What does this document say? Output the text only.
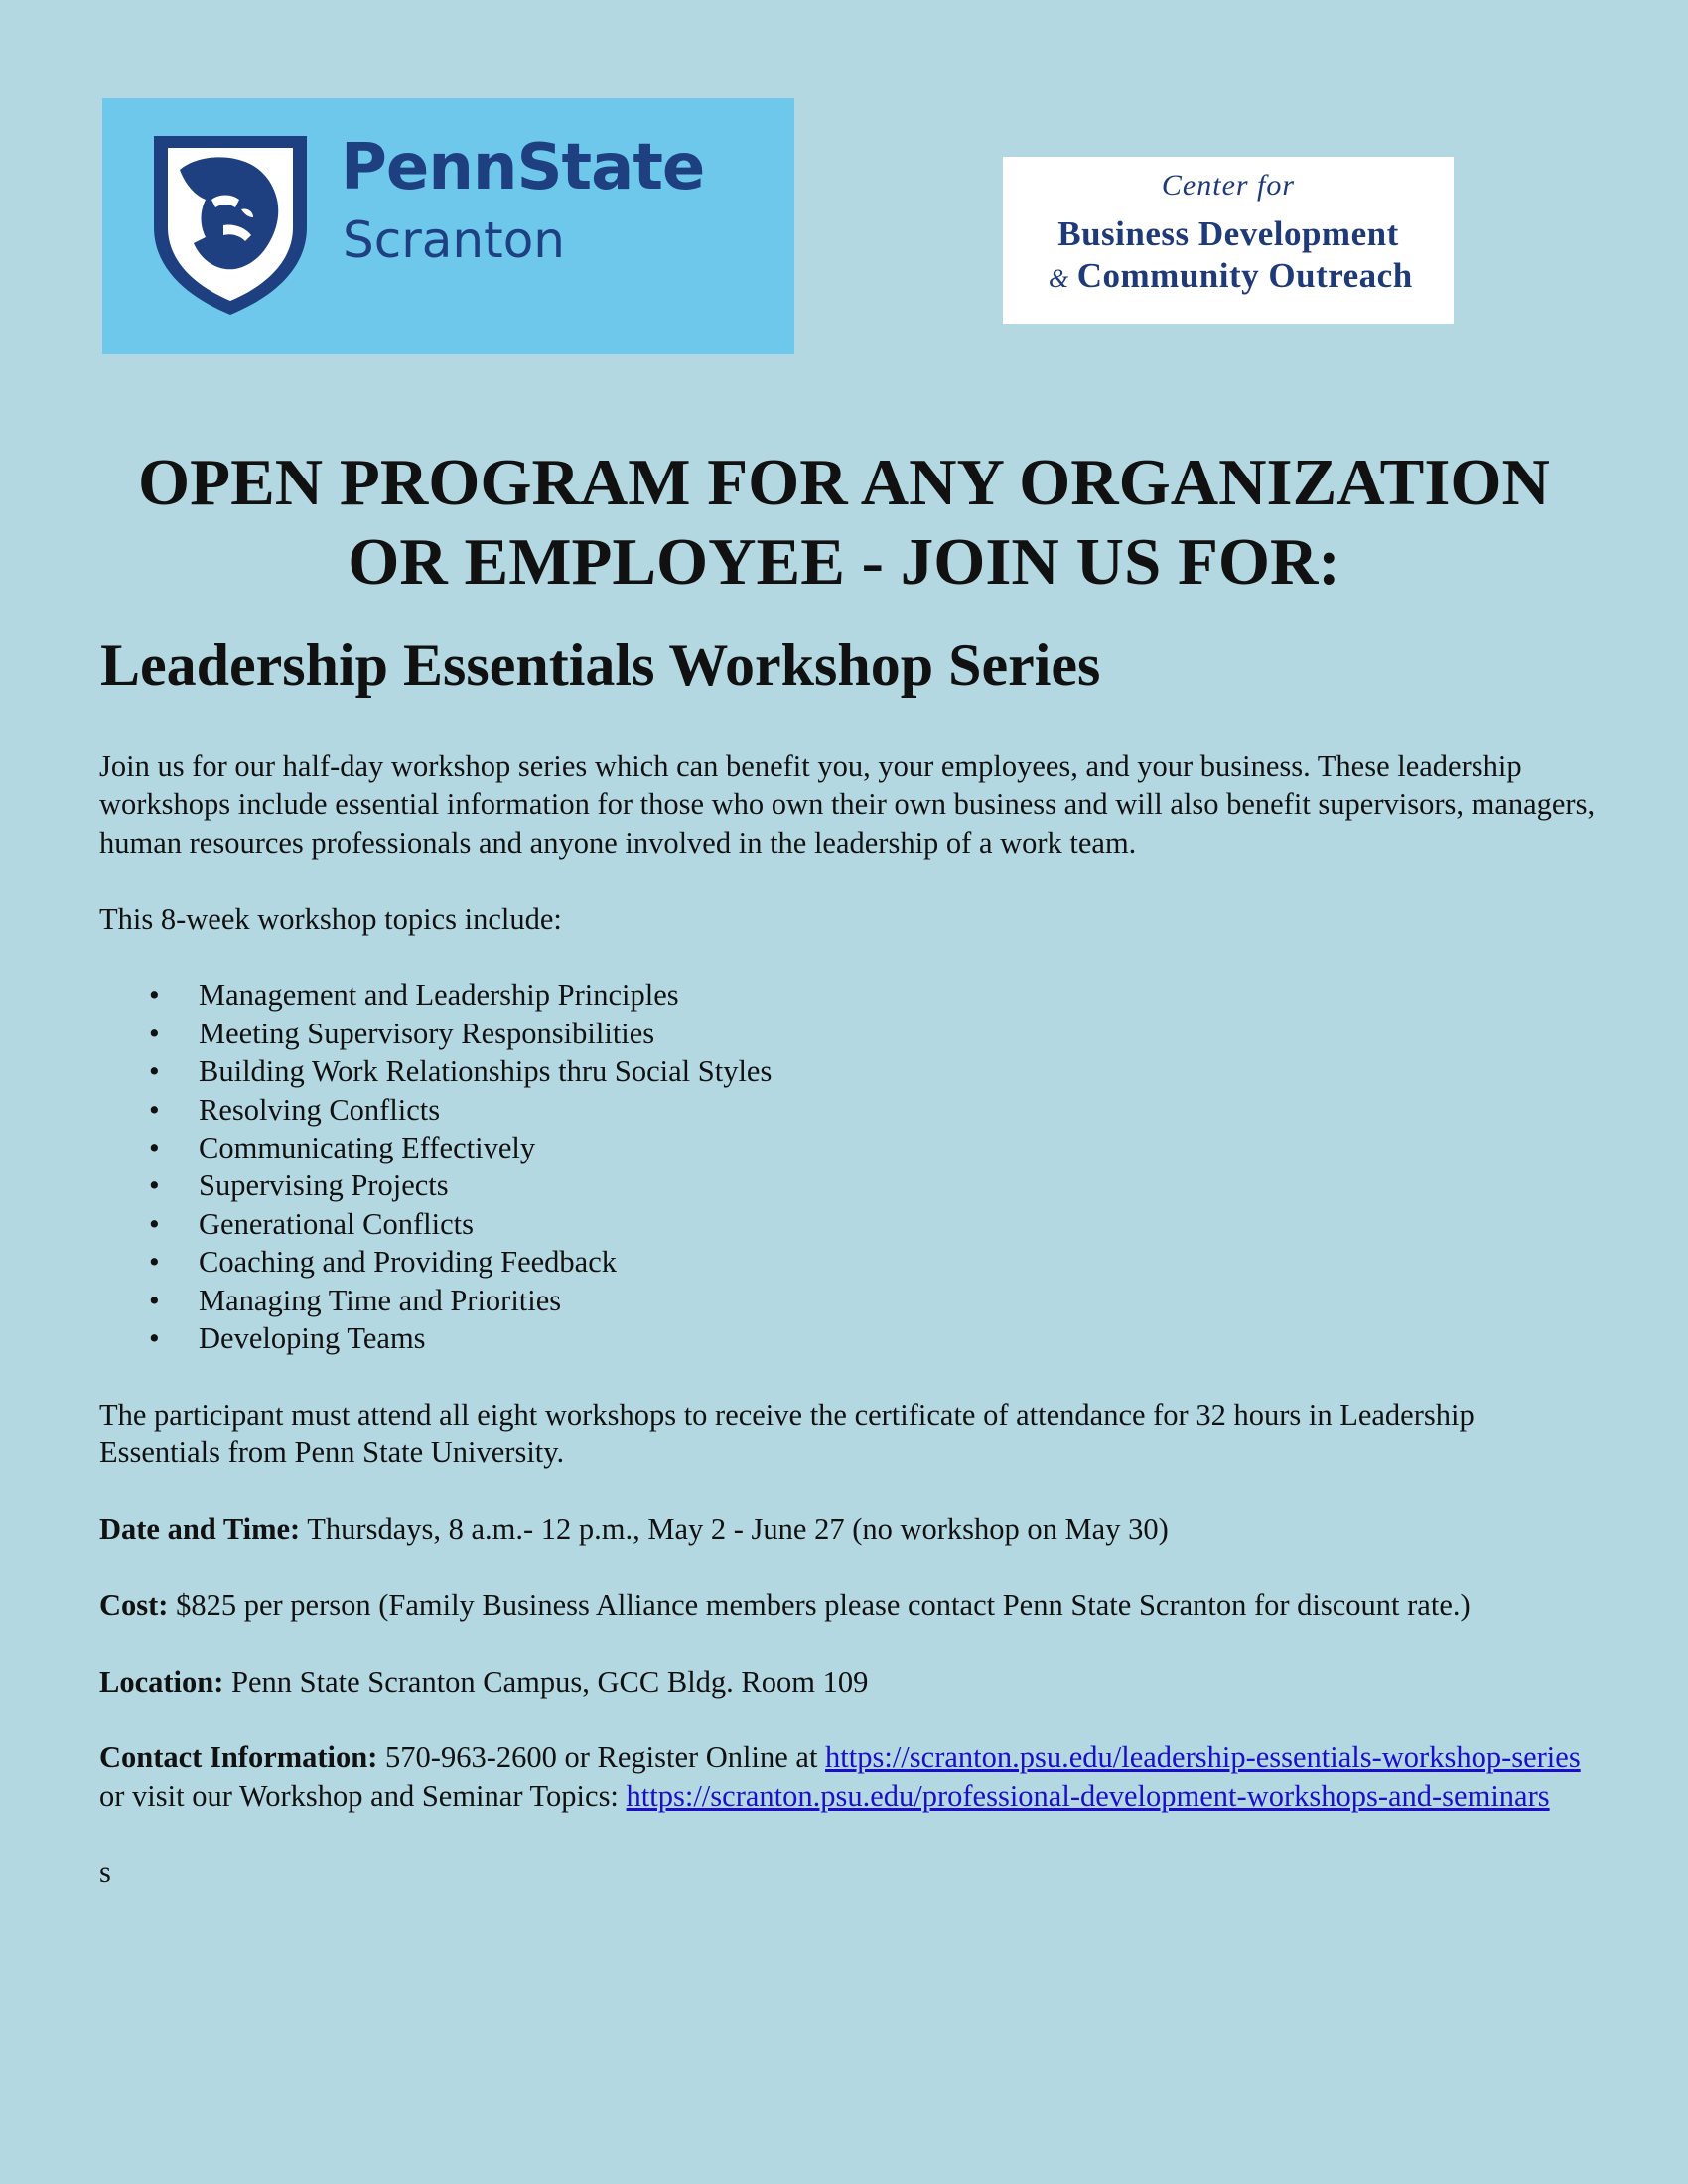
PennState
Scranton
Center for
Business Development
& Community Outreach
OPEN PROGRAM FOR ANY ORGANIZATION
OR EMPLOYEE - JOIN US FOR:
Leadership Essentials Workshop Series

Join us for our half-day workshop series which can benefit you, your employees, and your business. These leadership workshops include essential information for those who own their own business and will also benefit supervisors, managers, human resources professionals and anyone involved in the leadership of a work team.

This 8-week workshop topics include:

• Management and Leadership Principles
• Meeting Supervisory Responsibilities
• Building Work Relationships thru Social Styles
• Resolving Conflicts
• Communicating Effectively
• Supervising Projects
• Generational Conflicts
• Coaching and Providing Feedback
• Managing Time and Priorities
• Developing Teams

The participant must attend all eight workshops to receive the certificate of attendance for 32 hours in Leadership Essentials from Penn State University.

Date and Time: Thursdays, 8 a.m.- 12 p.m., May 2 - June 27 (no workshop on May 30)

Cost: $825 per person (Family Business Alliance members please contact Penn State Scranton for discount rate.)

Location: Penn State Scranton Campus, GCC Bldg. Room 109

Contact Information: 570-963-2600 or Register Online at https://scranton.psu.edu/leadership-essentials-workshop-series or visit our Workshop and Seminar Topics: https://scranton.psu.edu/professional-development-workshops-and-seminars

s
